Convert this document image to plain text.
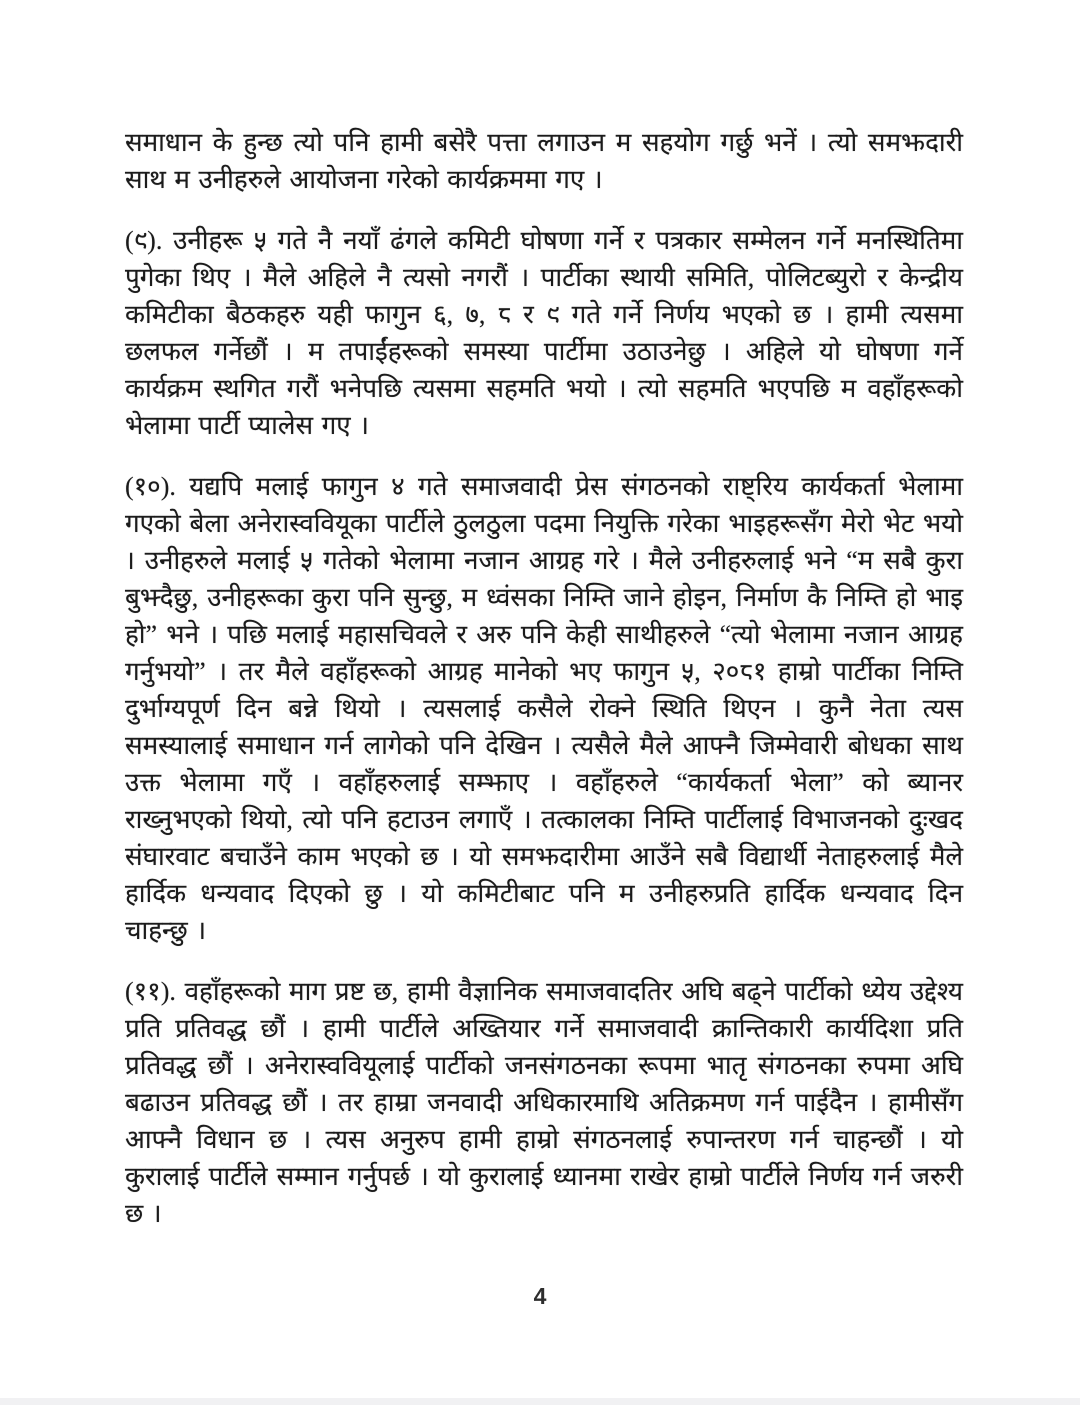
समाधान के हुन्छ त्यो पनि हामी बसेरै पत्ता लगाउन म सहयोग गर्छु भनें । त्यो समझदारी साथ म उनीहरुले आयोजना गरेको कार्यक्रममा गए ।

(९). उनीहरू ५ गते नै नयाँ ढंगले कमिटी घोषणा गर्ने र पत्रकार सम्मेलन गर्ने मनस्थितिमा पुगेका थिए । मैले अहिले नै त्यसो नगरौं । पार्टीका स्थायी समिति, पोलिटब्युरो र केन्द्रीय कमिटीका बैठकहरु यही फागुन ६, ७, ८ र ९ गते गर्ने निर्णय भएको छ । हामी त्यसमा छलफल गर्नेछौं । म तपाईंहरूको समस्या पार्टीमा उठाउनेछु । अहिले यो घोषणा गर्ने कार्यक्रम स्थगित गरौं भनेपछि त्यसमा सहमति भयो । त्यो सहमति भएपछि म वहाँहरूको भेलामा पार्टी प्यालेस गए ।

(१०). यद्यपि मलाई फागुन ४ गते समाजवादी प्रेस संगठनको राष्ट्रिय कार्यकर्ता भेलामा गएको बेला अनेरास्ववियूका पार्टीले ठुलठुला पदमा नियुक्ति गरेका भाइहरूसँग मेरो भेट भयो । उनीहरुले मलाई ५ गतेको भेलामा नजान आग्रह गरे । मैले उनीहरुलाई भने “म सबै कुरा बुझ्दैछु, उनीहरूका कुरा पनि सुन्छु, म ध्वंसका निम्ति जाने होइन, निर्माण कै निम्ति हो भाइ हो” भने । पछि मलाई महासचिवले र अरु पनि केही साथीहरुले “त्यो भेलामा नजान आग्रह गर्नुभयो” । तर मैले वहाँहरूको आग्रह मानेको भए फागुन ५, २०८१ हाम्रो पार्टीका निम्ति दुर्भाग्यपूर्ण दिन बन्ने थियो । त्यसलाई कसैले रोक्ने स्थिति थिएन । कुनै नेता त्यस समस्यालाई समाधान गर्न लागेको पनि देखिन । त्यसैले मैले आफ्नै जिम्मेवारी बोधका साथ उक्त भेलामा गएँ । वहाँहरुलाई सम्झाए । वहाँहरुले “कार्यकर्ता भेला” को ब्यानर राख्नुभएको थियो, त्यो पनि हटाउन लगाएँ । तत्कालका निम्ति पार्टीलाई विभाजनको दुःखद संघारवाट बचाउँने काम भएको छ । यो समझदारीमा आउँने सबै विद्यार्थी नेताहरुलाई मैले हार्दिक धन्यवाद दिएको छु । यो कमिटीबाट पनि म उनीहरुप्रति हार्दिक धन्यवाद दिन चाहन्छु ।

(११). वहाँहरूको माग प्रष्ट छ, हामी वैज्ञानिक समाजवादतिर अघि बढ्ने पार्टीको ध्येय उद्देश्य प्रति प्रतिवद्ध छौं । हामी पार्टीले अख्तियार गर्ने समाजवादी क्रान्तिकारी कार्यदिशा प्रति प्रतिवद्ध छौं । अनेरास्ववियूलाई पार्टीको जनसंगठनका रूपमा भातृ संगठनका रुपमा अघि बढाउन प्रतिवद्ध छौं । तर हाम्रा जनवादी अधिकारमाथि अतिक्रमण गर्न पाईदैन । हामीसँग आफ्नै विधान छ । त्यस अनुरुप हामी हाम्रो संगठनलाई रुपान्तरण गर्न चाहन्छौं । यो कुरालाई पार्टीले सम्मान गर्नुपर्छ । यो कुरालाई ध्यानमा राखेर हाम्रो पार्टीले निर्णय गर्न जरुरी छ ।

4
